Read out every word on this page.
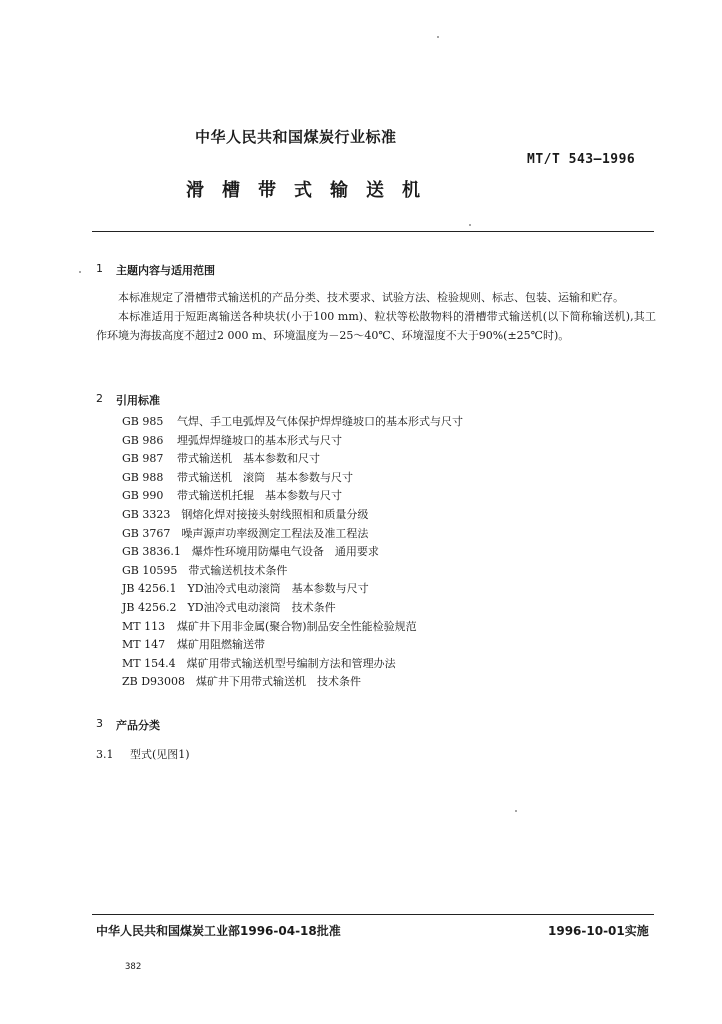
中华人民共和国煤炭行业标准
MT/T 543—1996
滑槽带式输送机
1 主题内容与适用范围

本标准规定了滑槽带式输送机的产品分类、技术要求、试验方法、检验规则、标志、包装、运输和贮存。

本标准适用于短距离输送各种块状(小于100 mm)、粒状等松散物料的滑槽带式输送机(以下简称输送机),其工作环境为海拔高度不超过2 000 m、环境温度为－25～40℃、环境湿度不大于90%(±25℃时)。

2 引用标准
GB 985  气焊、手工电弧焊及气体保护焊焊缝坡口的基本形式与尺寸
GB 986  埋弧焊焊缝坡口的基本形式与尺寸
GB 987  带式输送机　基本参数和尺寸
GB 988  带式输送机　滚筒　基本参数与尺寸
GB 990  带式输送机托辊　基本参数与尺寸
GB 3323  钢熔化焊对接接头射线照相和质量分级
GB 3767  噪声源声功率级测定工程法及准工程法
GB 3836.1  爆炸性环境用防爆电气设备　通用要求
GB 10595  带式输送机技术条件
JB 4256.1  YD油冷式电动滚筒　基本参数与尺寸
JB 4256.2  YD油冷式电动滚筒　技术条件
MT 113  煤矿井下用非金属(聚合物)制品安全性能检验规范
MT 147  煤矿用阻燃输送带
MT 154.4  煤矿用带式输送机型号编制方法和管理办法
ZB D93008  煤矿井下用带式输送机　技术条件
3 产品分类
3.1 型式(见图1)
中华人民共和国煤炭工业部1996-04-18批准	1996-10-01实施
382
